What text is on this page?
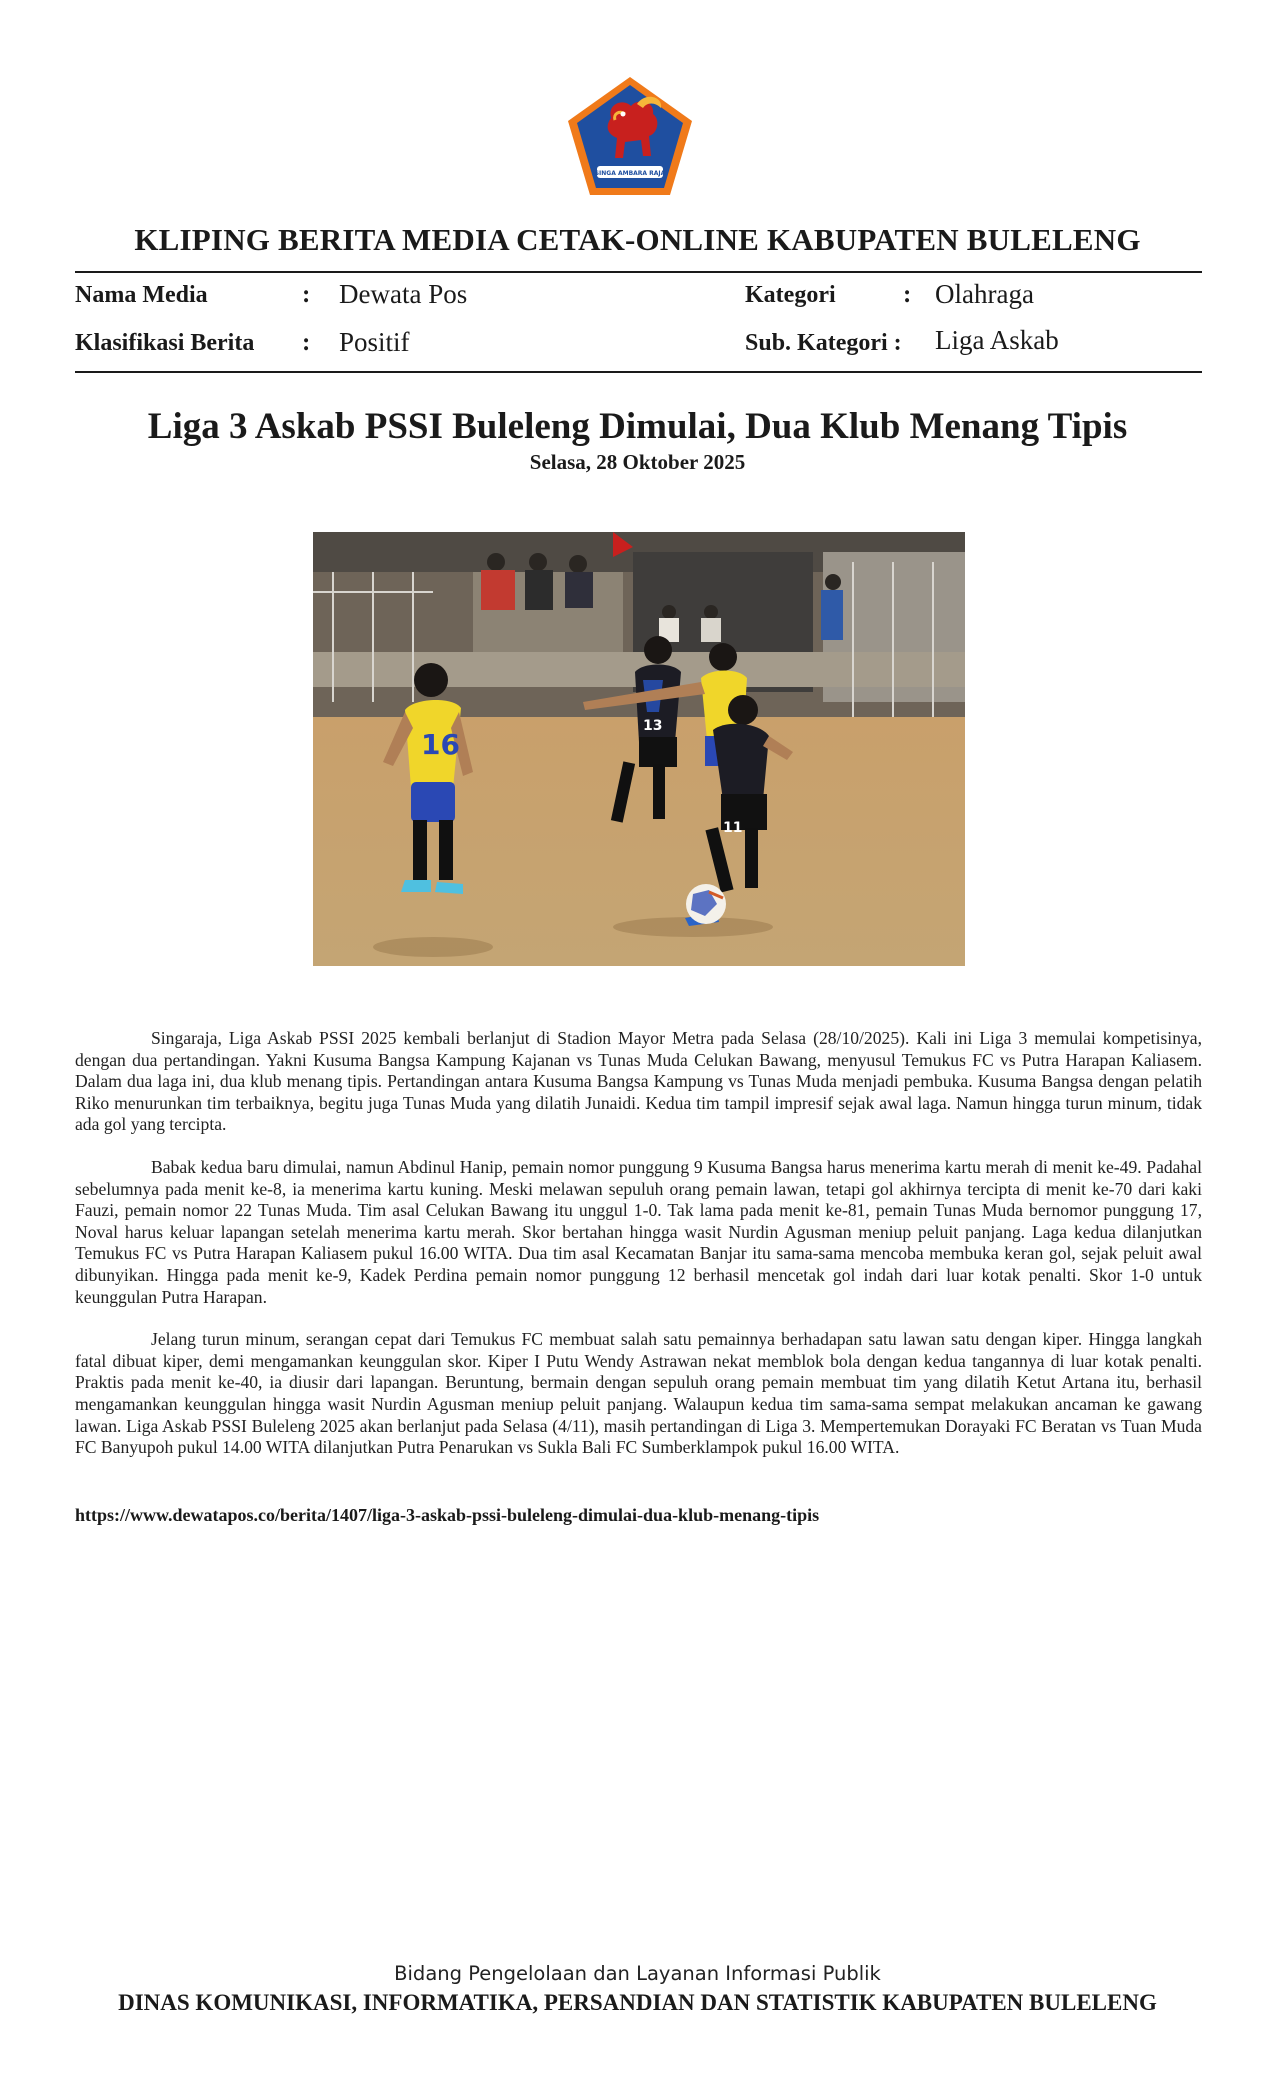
SINGA AMBARA RAJA
KLIPING BERITA MEDIA CETAK-ONLINE KABUPATEN BULELENG
Nama Media	: Dewata Pos	Kategori	: Olahraga
Klasifikasi Berita : Positif	Sub. Kategori : Liga Askab
Liga 3 Askab PSSI Buleleng Dimulai, Dua Klub Menang Tipis
Selasa, 28 Oktober 2025
16
13
11

Singaraja, Liga Askab PSSI 2025 kembali berlanjut di Stadion Mayor Metra pada Selasa (28/10/2025). Kali ini Liga 3 memulai kompetisinya, dengan dua pertandingan. Yakni Kusuma Bangsa Kampung Kajanan vs Tunas Muda Celukan Bawang, menyusul Temukus FC vs Putra Harapan Kaliasem. Dalam dua laga ini, dua klub menang tipis. Pertandingan antara Kusuma Bangsa Kampung vs Tunas Muda menjadi pembuka. Kusuma Bangsa dengan pelatih Riko menurunkan tim terbaiknya, begitu juga Tunas Muda yang dilatih Junaidi. Kedua tim tampil impresif sejak awal laga. Namun hingga turun minum, tidak ada gol yang tercipta.

Babak kedua baru dimulai, namun Abdinul Hanip, pemain nomor punggung 9 Kusuma Bangsa harus menerima kartu merah di menit ke-49. Padahal sebelumnya pada menit ke-8, ia menerima kartu kuning. Meski melawan sepuluh orang pemain lawan, tetapi gol akhirnya tercipta di menit ke-70 dari kaki Fauzi, pemain nomor 22 Tunas Muda. Tim asal Celukan Bawang itu unggul 1-0. Tak lama pada menit ke-81, pemain Tunas Muda bernomor punggung 17, Noval harus keluar lapangan setelah menerima kartu merah. Skor bertahan hingga wasit Nurdin Agusman meniup peluit panjang. Laga kedua dilanjutkan Temukus FC vs Putra Harapan Kaliasem pukul 16.00 WITA. Dua tim asal Kecamatan Banjar itu sama-sama mencoba membuka keran gol, sejak peluit awal dibunyikan. Hingga pada menit ke-9, Kadek Perdina pemain nomor punggung 12 berhasil mencetak gol indah dari luar kotak penalti. Skor 1-0 untuk keunggulan Putra Harapan.

Jelang turun minum, serangan cepat dari Temukus FC membuat salah satu pemainnya berhadapan satu lawan satu dengan kiper. Hingga langkah fatal dibuat kiper, demi mengamankan keunggulan skor. Kiper I Putu Wendy Astrawan nekat memblok bola dengan kedua tangannya di luar kotak penalti. Praktis pada menit ke-40, ia diusir dari lapangan. Beruntung, bermain dengan sepuluh orang pemain membuat tim yang dilatih Ketut Artana itu, berhasil mengamankan keunggulan hingga wasit Nurdin Agusman meniup peluit panjang. Walaupun kedua tim sama-sama sempat melakukan ancaman ke gawang lawan. Liga Askab PSSI Buleleng 2025 akan berlanjut pada Selasa (4/11), masih pertandingan di Liga 3. Mempertemukan Dorayaki FC Beratan vs Tuan Muda FC Banyupoh pukul 14.00 WITA dilanjutkan Putra Penarukan vs Sukla Bali FC Sumberklampok pukul 16.00 WITA.

https://www.dewatapos.co/berita/1407/liga-3-askab-pssi-buleleng-dimulai-dua-klub-menang-tipis
Bidang Pengelolaan dan Layanan Informasi Publik
DINAS KOMUNIKASI, INFORMATIKA, PERSANDIAN DAN STATISTIK KABUPATEN BULELENG
